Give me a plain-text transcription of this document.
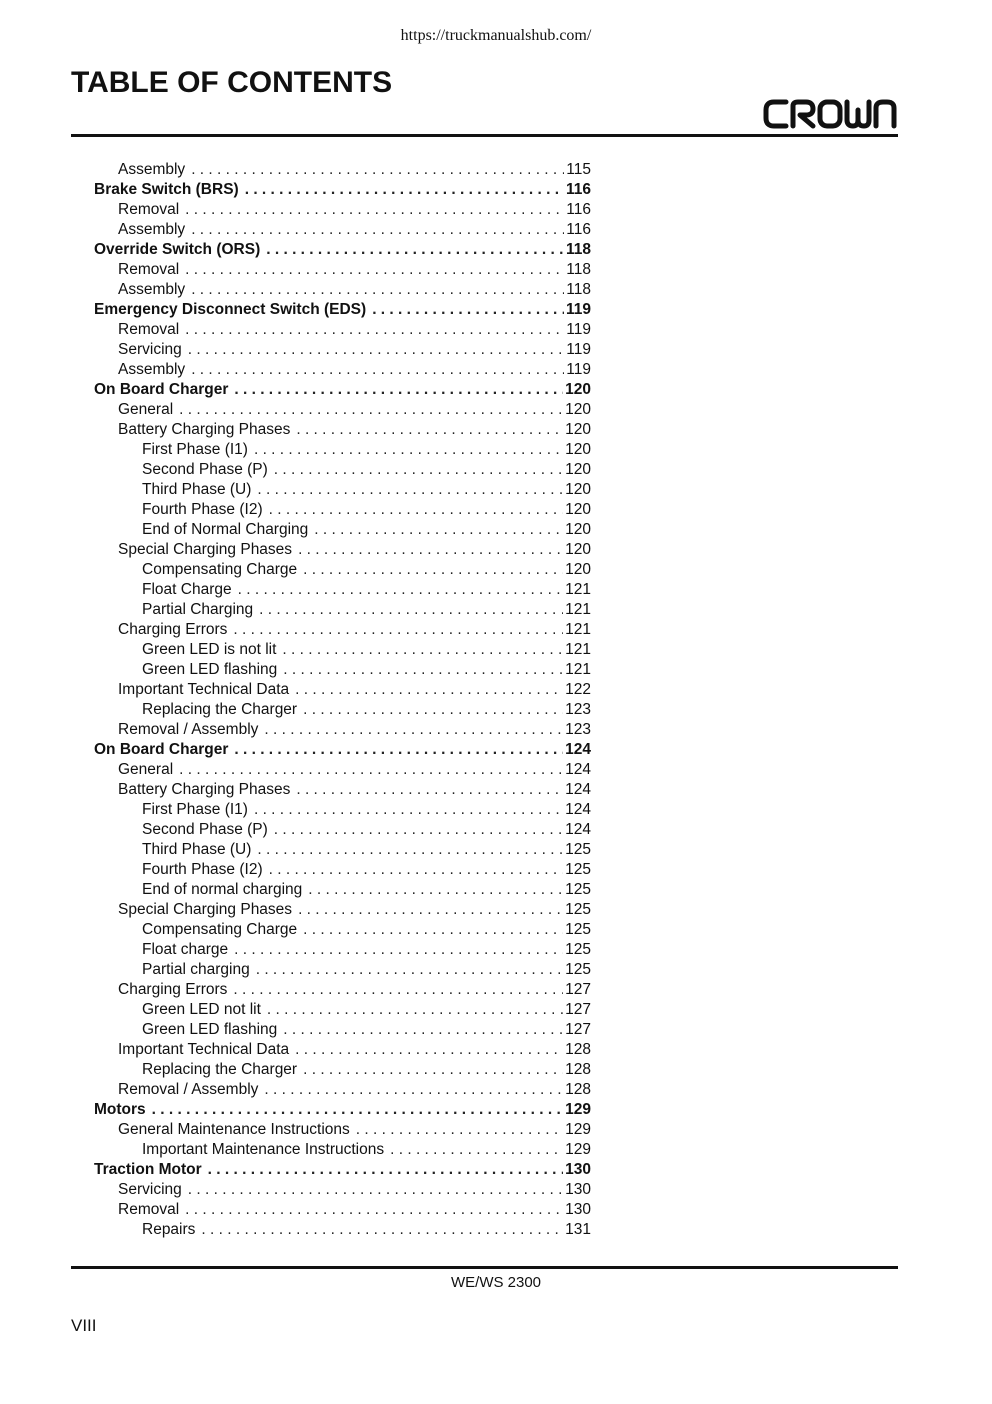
https://truckmanualshub.com/
TABLE OF CONTENTS
Assembly . . .	115
Brake Switch (BRS) . . .	116
Removal . . .	116
Assembly . . .	116
Override Switch (ORS) . . .	118
Removal . . .	118
Assembly . . .	118
Emergency Disconnect Switch (EDS) . . .	119
Removal . . .	119
Servicing . . .	119
Assembly . . .	119
On Board Charger . . .	120
General . . .	120
Battery Charging Phases . . .	120
First Phase (I1) . . .	120
Second Phase (P) . . .	120
Third Phase (U) . . .	120
Fourth Phase (I2) . . .	120
End of Normal Charging . . .	120
Special Charging Phases . . .	120
Compensating Charge . . .	120
Float Charge . . .	121
Partial Charging . . .	121
Charging Errors . . .	121
Green LED is not lit . . .	121
Green LED flashing . . .	121
Important Technical Data . . .	122
Replacing the Charger . . .	123
Removal / Assembly . . .	123
On Board Charger . . .	124
General . . .	124
Battery Charging Phases . . .	124
First Phase (I1) . . .	124
Second Phase (P) . . .	124
Third Phase (U) . . .	125
Fourth Phase (I2) . . .	125
End of normal charging . . .	125
Special Charging Phases . . .	125
Compensating Charge . . .	125
Float charge . . .	125
Partial charging . . .	125
Charging Errors . . .	127
Green LED not lit . . .	127
Green LED flashing . . .	127
Important Technical Data . . .	128
Replacing the Charger . . .	128
Removal / Assembly . . .	128
Motors . . .	129
General Maintenance Instructions . . .	129
Important Maintenance Instructions . . .	129
Traction Motor . . .	130
Servicing . . .	130
Removal . . .	130
Repairs . . .	131
WE/WS 2300
VIII
